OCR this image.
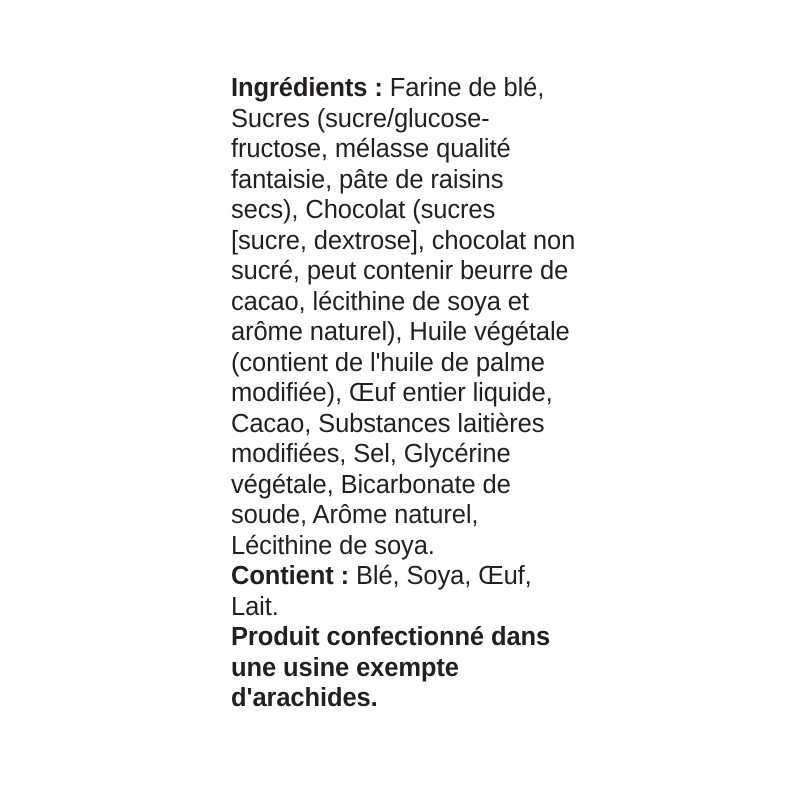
Ingrédients : Farine de blé, Sucres (sucre/glucose-fructose, mélasse qualité fantaisie, pâte de raisins secs), Chocolat (sucres [sucre, dextrose], chocolat non sucré, peut contenir beurre de cacao, lécithine de soya et arôme naturel), Huile végétale (contient de l'huile de palme modifiée), Œuf entier liquide, Cacao, Substances laitières modifiées, Sel, Glycérine végétale, Bicarbonate de soude, Arôme naturel, Lécithine de soya.

Contient : Blé, Soya, Œuf, Lait.

Produit confectionné dans une usine exempte d'arachides.
